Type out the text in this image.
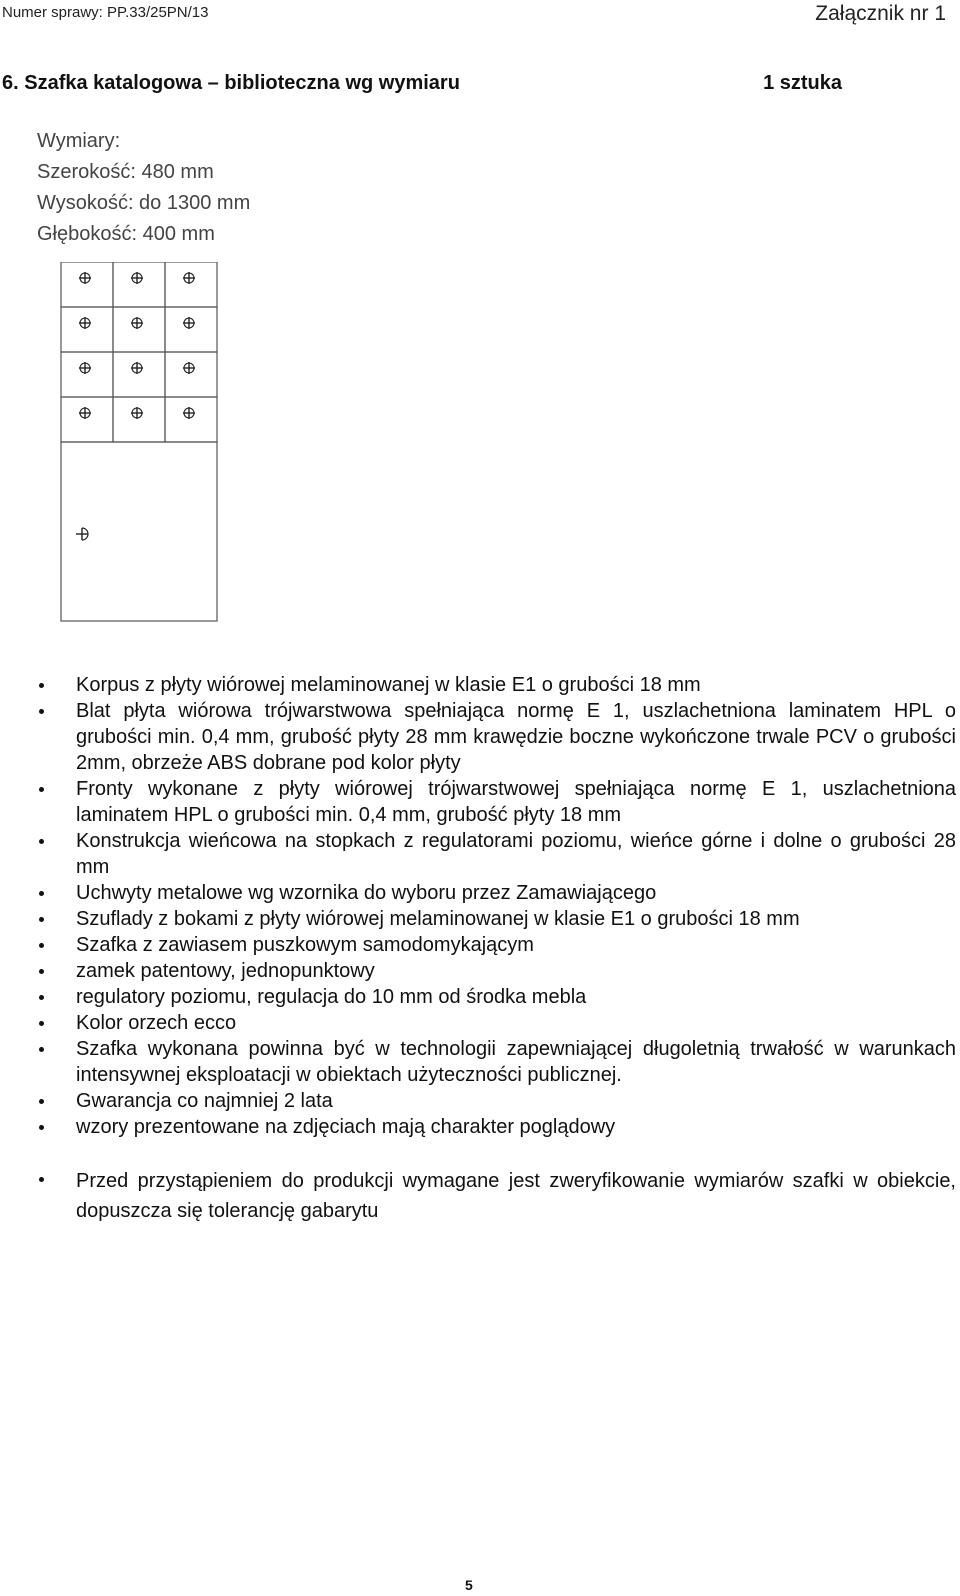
Numer sprawy: PP.33/25PN/13	Załącznik nr 1
6. Szafka katalogowa – biblioteczna wg wymiaru	1 sztuka
Wymiary:
Szerokość: 480 mm
Wysokość: do 1300 mm
Głębokość: 400 mm
Korpus z płyty wiórowej melaminowanej w klasie E1 o grubości 18 mm
Blat płyta wiórowa trójwarstwowa spełniająca normę E 1, uszlachetniona laminatem HPL o grubości min. 0,4 mm, grubość płyty 28 mm krawędzie boczne wykończone trwale PCV o grubości 2mm, obrzeże ABS dobrane pod kolor płyty
Fronty wykonane z płyty wiórowej trójwarstwowej spełniająca normę E 1, uszlachetniona laminatem HPL o grubości min. 0,4 mm, grubość płyty 18 mm
Konstrukcja wieńcowa na stopkach z regulatorami poziomu, wieńce górne i dolne o grubości 28 mm
Uchwyty metalowe wg wzornika do wyboru przez Zamawiającego
Szuflady z bokami z płyty wiórowej melaminowanej w klasie E1 o grubości 18 mm
Szafka z zawiasem puszkowym samodomykającym
zamek patentowy, jednopunktowy
regulatory poziomu, regulacja do 10 mm od środka mebla
Kolor orzech ecco
Szafka wykonana powinna być w technologii zapewniającej długoletnią trwałość w warunkach intensywnej eksploatacji w obiektach użyteczności publicznej.
Gwarancja co najmniej 2 lata
wzory prezentowane na zdjęciach mają charakter poglądowy
Przed przystąpieniem do produkcji wymagane jest zweryfikowanie wymiarów szafki w obiekcie, dopuszcza się tolerancję gabarytu
5
